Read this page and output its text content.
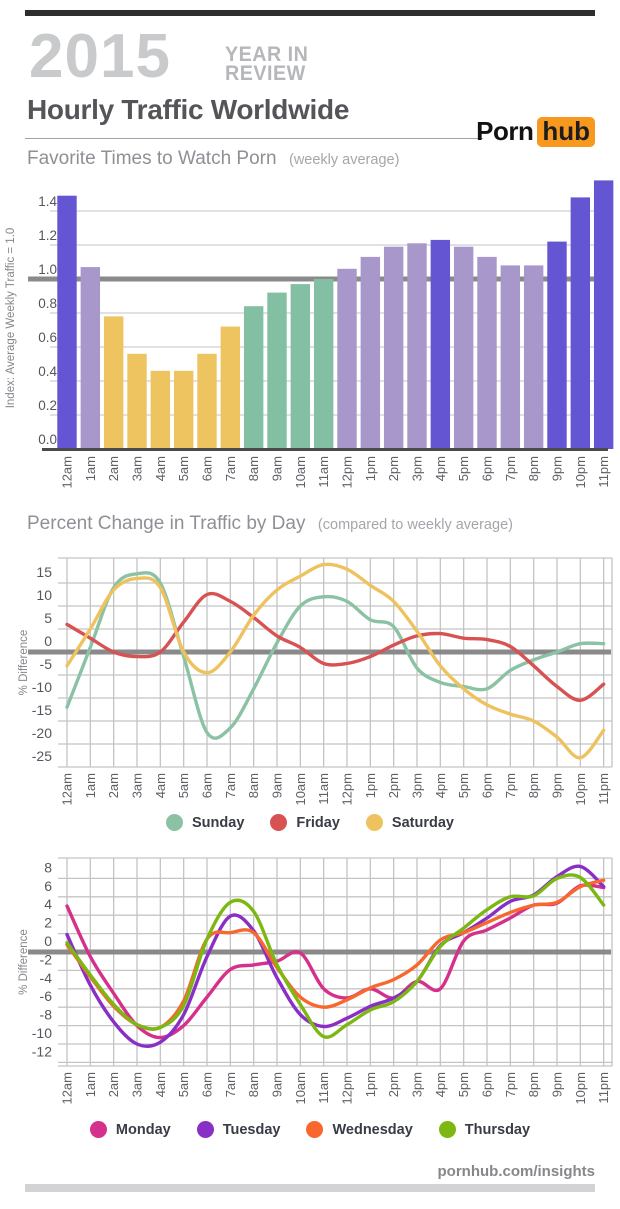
2015	YEAR IN
REVIEW
Hourly Traffic Worldwide
Porn hub
Favorite Times to Watch Porn (weekly average)
Percent Change in Traffic by Day (compared to weekly average)
0.0
0.2
0.4
0.6
0.8
1.0
1.2
1.4
Index: Average Weekly Traffic = 1.0
12am 1am 2am 3am 4am 5am 6am 7am 8am 9am 10am 11am 12pm 1pm 2pm 3pm 4pm 5pm 6pm 7pm 8pm 9pm 10pm 11pm
15
10
5
0
-5
-10
-15
-20
-25
% Difference
12am 1am 2am 3am 4am 5am 6am 7am 8am 9am 10am 11am 12pm 1pm 2pm 3pm 4pm 5pm 6pm 7pm 8pm 9pm 10pm 11pm
8
6
4
2
0
-2
-4
-6
-8
-10
-12
% Difference
12am 1am 2am 3am 4am 5am 6am 7am 8am 9am 10am 11am 12pm 1pm 2pm 3pm 4pm 5pm 6pm 7pm 8pm 9pm 10pm 11pm
Sunday	Friday	Saturday
Monday	Tuesday	Wednesday	Thursday
pornhub.com/insights
